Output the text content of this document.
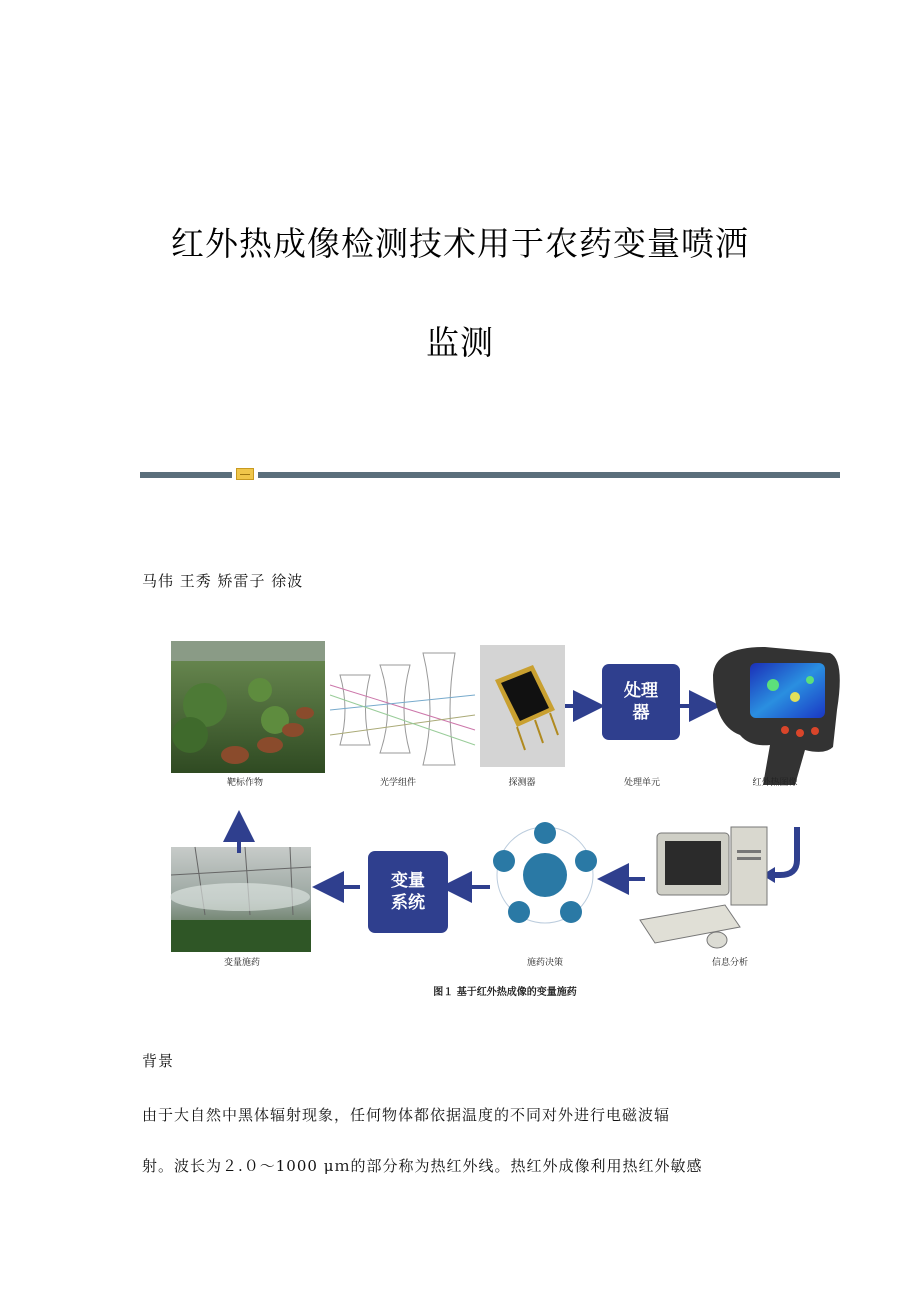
红外热成像检测技术用于农药变量喷洒
监测
马伟 王秀 矫雷子 徐波
处理器
变量系统
靶标作物	光学组件	探测器	处理单元	红外热图像
变量施药	施药决策	信息分析
图１ 基于红外热成像的变量施药
背景
由于大自然中黑体辐射现象，任何物体都依据温度的不同对外进行电磁波辐
射。波长为２.０～1000 μｍ的部分称为热红外线。热红外成像利用热红外敏感
